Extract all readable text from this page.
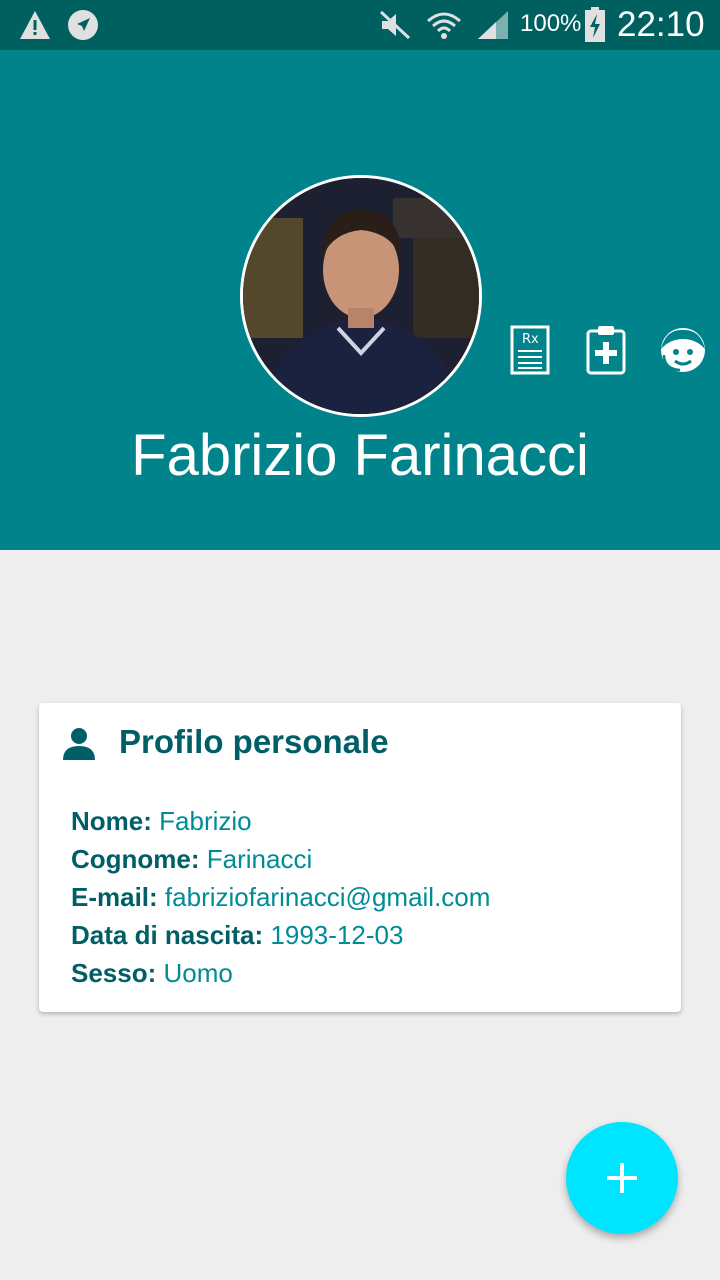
100% 22:10
Rx
Fabrizio Farinacci
Profilo personale
Nome: Fabrizio
Cognome: Farinacci
E-mail: fabriziofarinacci@gmail.com
Data di nascita: 1993-12-03
Sesso: Uomo
